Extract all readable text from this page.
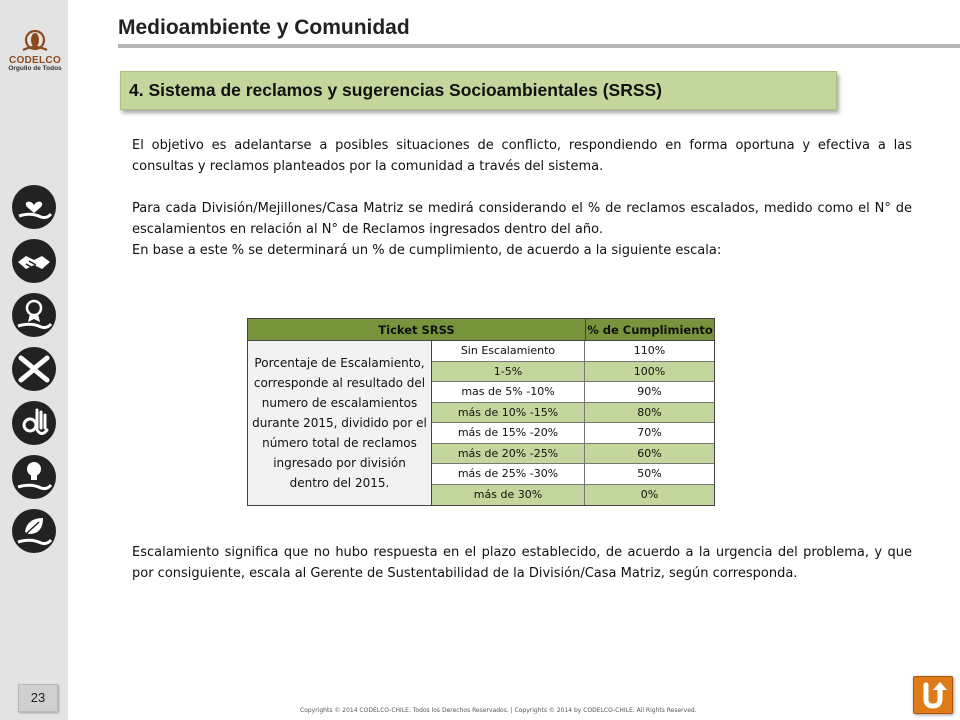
CODELCO
Orgullo de Todos
23
Medioambiente y Comunidad
4. Sistema de reclamos y sugerencias Socioambientales (SRSS)

El objetivo es adelantarse a posibles situaciones de conflicto, respondiendo en forma oportuna y efectiva a las consultas y reclamos planteados por la comunidad a través del sistema.

Para cada División/Mejillones/Casa Matriz se medirá considerando el % de reclamos escalados, medido como el N° de escalamientos en relación al N° de Reclamos ingresados dentro del año.

En base a este % se determinará un % de cumplimiento, de acuerdo a la siguiente escala:

Ticket SRSS	% de Cumplimiento
Porcentaje de Escalamiento, corresponde al resultado del numero de escalamientos durante 2015, dividido por el número total de reclamos ingresado por división dentro del 2015.
Sin Escalamiento	110%
1-5%	100%
mas de 5% -10%	90%
más de 10% -15%	80%
más de 15% -20%	70%
más de 20% -25%	60%
más de 25% -30%	50%
más de 30%	0%

Escalamiento significa que no hubo respuesta en el plazo establecido, de acuerdo a la urgencia del problema, y que por consiguiente, escala al Gerente de Sustentabilidad de la División/Casa Matriz, según corresponda.

Copyrights © 2014 CODELCO-CHILE. Todos los Derechos Reservados. | Copyrights © 2014 by CODELCO-CHILE. All Rights Reserved.
